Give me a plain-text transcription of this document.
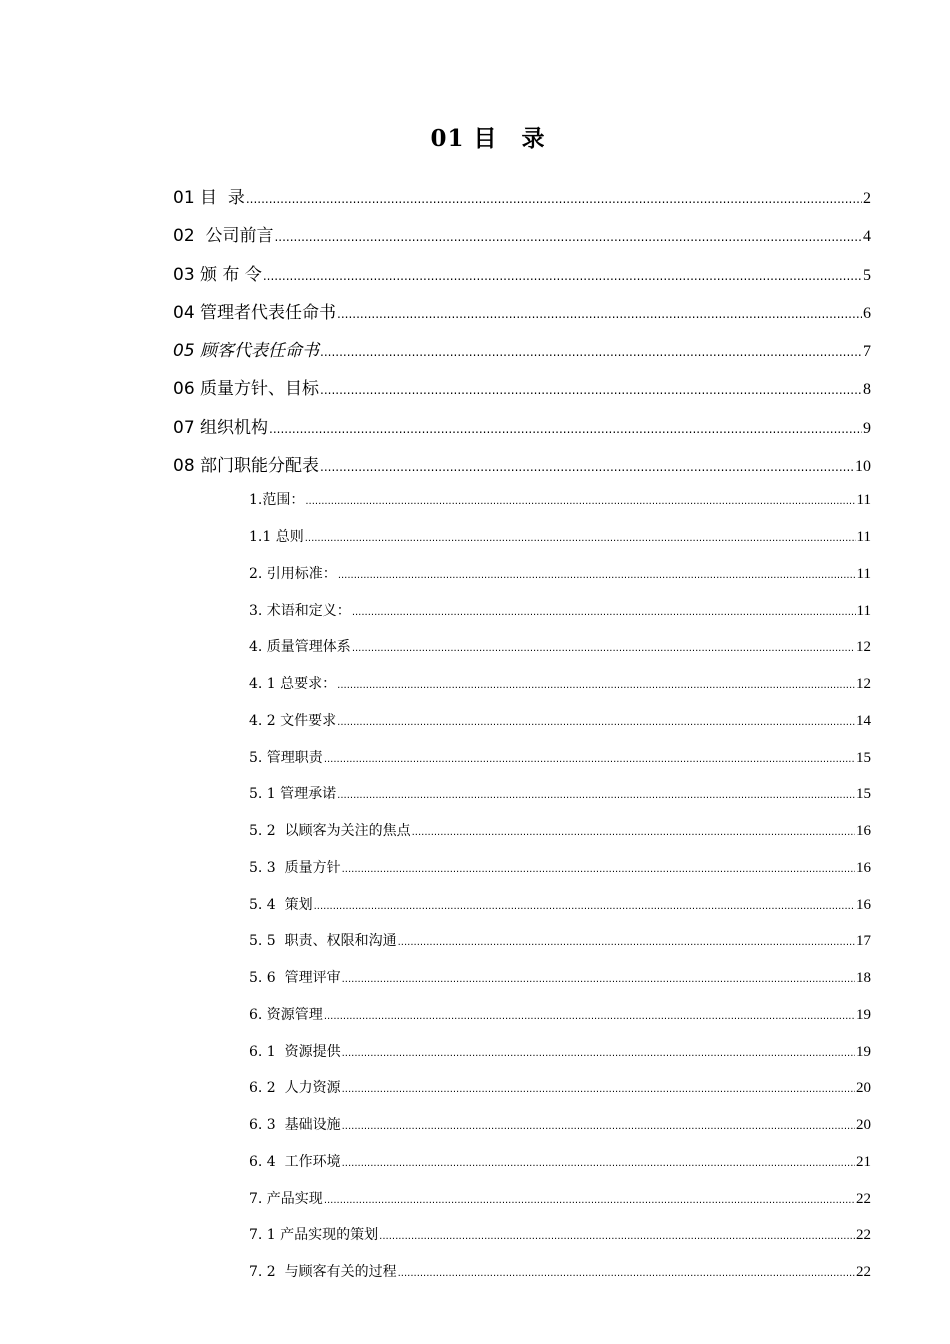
01 目　录
01 目  录 .....	2
02  公司前言 .....	4
03 颁 布 令 .....	5
04 管理者代表任命书 .....	6
05 顾客代表任命书 .....	7
06 质量方针、目标 .....	8
07 组织机构 .....	9
08 部门职能分配表 .....	10
1.范围： .....	11
1.1 总则 .....	11
2. 引用标准： .....	11
3. 术语和定义： .....	11
4. 质量管理体系 .....	12
4. 1 总要求： .....	12
4. 2 文件要求 .....	14
5. 管理职责 .....	15
5. 1 管理承诺 .....	15
5. 2  以顾客为关注的焦点 .....	16
5. 3  质量方针 .....	16
5. 4  策划 .....	16
5. 5  职责、权限和沟通 .....	17
5. 6  管理评审 .....	18
6. 资源管理 .....	19
6. 1  资源提供 .....	19
6. 2  人力资源 .....	20
6. 3  基础设施 .....	20
6. 4  工作环境 .....	21
7. 产品实现 .....	22
7. 1 产品实现的策划 .....	22
7. 2  与顾客有关的过程 .....	22
